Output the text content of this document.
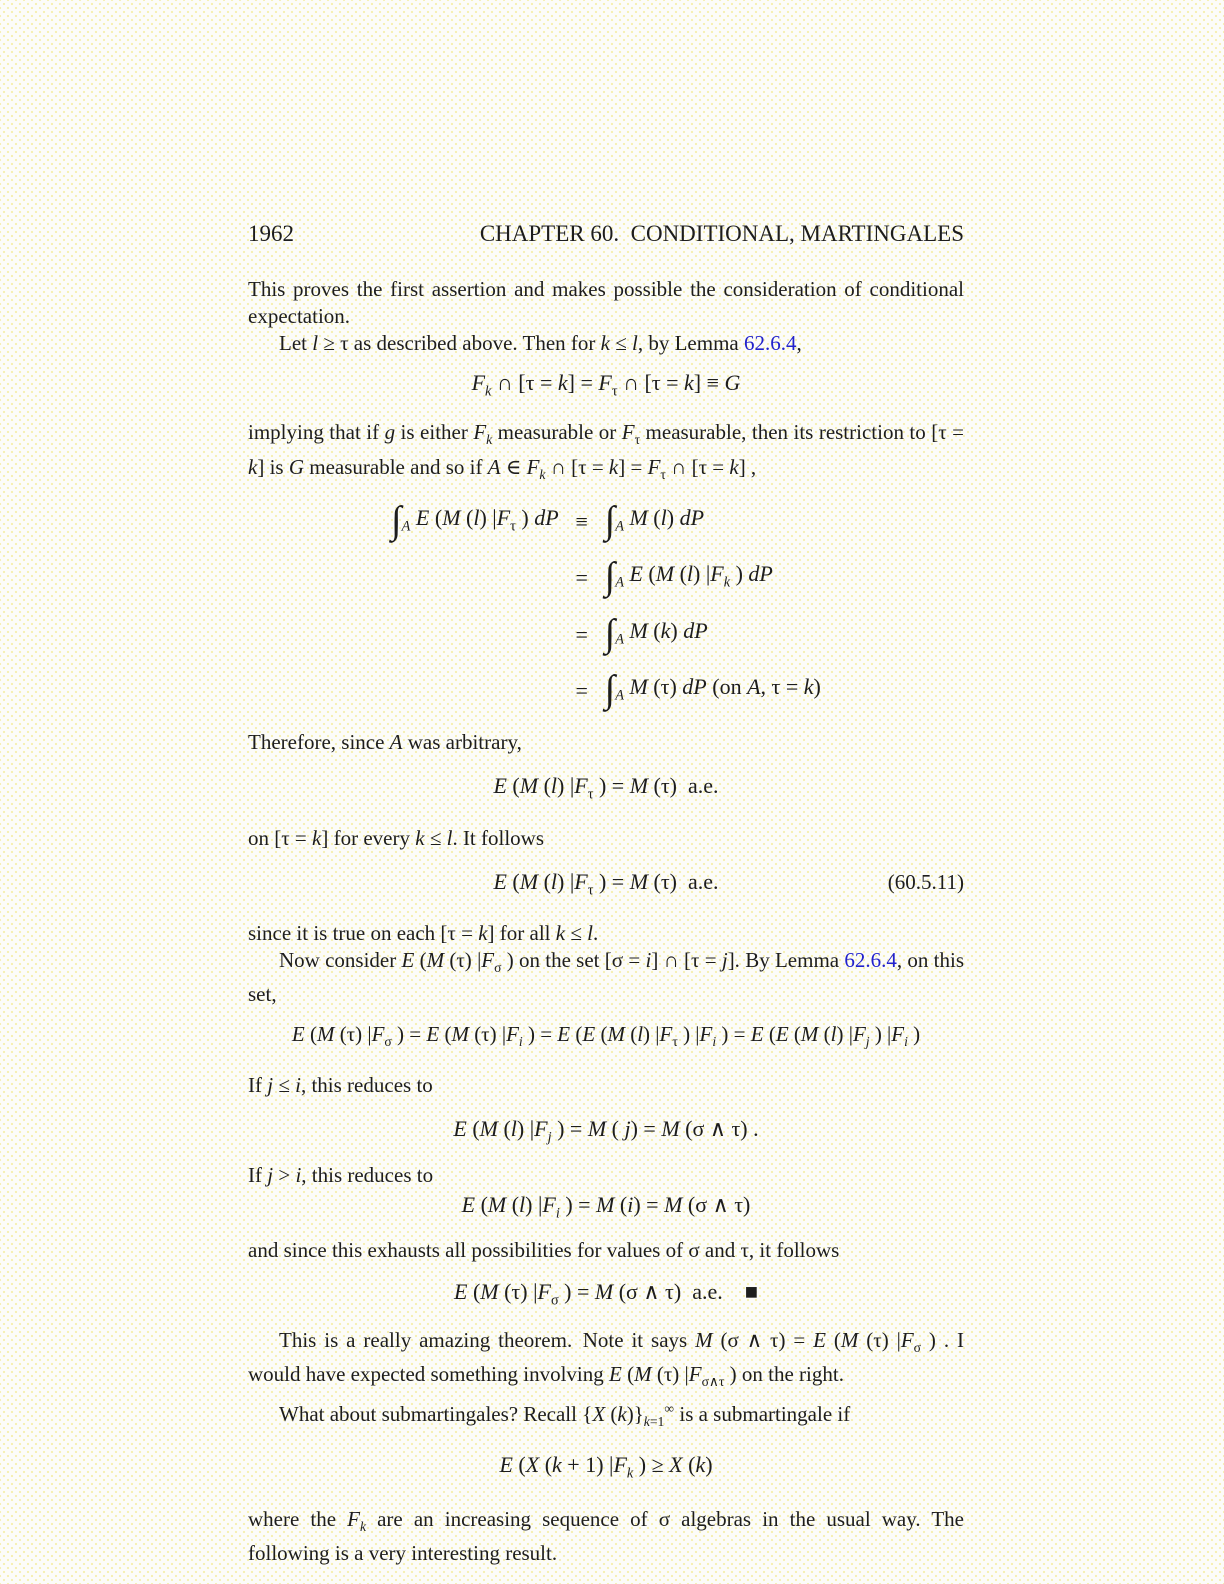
1962	CHAPTER 60. CONDITIONAL, MARTINGALES

This proves the first assertion and makes possible the consideration of conditional expectation.

Let l ≥ τ as described above. Then for k ≤ l, by Lemma 62.6.4,

$F_k$ ∩ $[\tau = k] = F_\tau$ ∩ [τ = k] ≡ G

implying that if g is either $F_k$ measurable or $F_\tau$ measurable, then its restriction to [τ = k] is G measurable and so if A ∈ $F_k$ ∩ $[\tau = k] = F_\tau$ ∩ [τ = k] ,

$\int_A$ E (M (l) $|F_\tau$ ) dP ≡ $\int_A$ M (l) dP
= $\int_A$ E (M (l) $|F_k$ ) dP
= $\int_A$ M (k) dP
= $\int_A$ M (τ) dP (on A, τ = k)

Therefore, since A was arbitrary,

E (M (l) $|F_\tau$ ) = M (τ) a.e.

on [τ = k] for every k ≤ l. It follows

E (M (l) $|F_\tau$ ) = M (τ) a.e.	(60.5.11)

since it is true on each [τ = k] for all k ≤ l.

Now consider E (M (τ) $|F_\sigma$ ) on the set [σ = i] ∩ [τ = j]. By Lemma 62.6.4, on this set,

E (M (τ) $|F_\sigma$ ) = E (M (τ) $|F_i$ ) = E (E (M (l) $|F_\tau$ ) $|F_i$ ) = E (E (M (l) $|F_j$ ) $|F_i$ )

If j ≤ i, this reduces to

E (M (l) $|F_j$ ) = M ( j) = M (σ ∧ τ) .

If j > i, this reduces to

E (M (l) $|F_i$ ) = M (i) = M (σ ∧ τ)

and since this exhausts all possibilities for values of σ and τ, it follows

E (M (τ) $|F_\sigma$ ) = M (σ ∧ τ) a.e.  ■

This is a really amazing theorem. Note it says M (σ ∧ τ) = E (M (τ) $|F_\sigma$ ) . I would have expected something involving E (M (τ) $|F_{\sigma\wedge\tau}$ ) on the right.

What about submartingales? Recall {X $(k)\}_{k=1}^\infty$ is a submartingale if

E (X (k + 1) $|F_k$ ) ≥ X (k)

where the $F_k$ are an increasing sequence of σ algebras in the usual way. The following is a very interesting result.
